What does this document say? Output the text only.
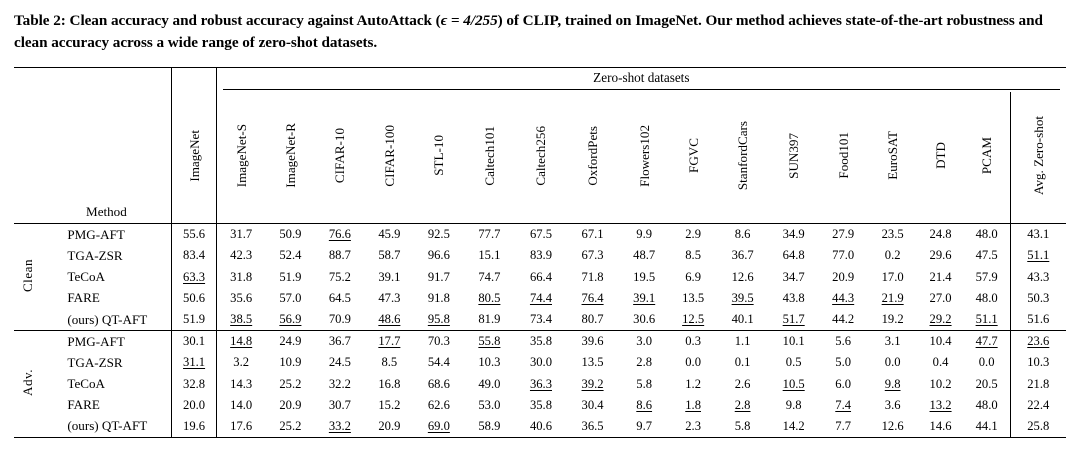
Table 2: Clean accuracy and robust accuracy against AutoAttack (ϵ = 4/255) of CLIP, trained on ImageNet. Our method achieves state-of-the-art robustness and clean accuracy across a wide range of zero-shot datasets.

			Zero-shot datasets																

	Method	ImageNet	ImageNet-S	ImageNet-R	CIFAR-10	CIFAR-100	STL-10	Caltech101	Caltech256	OxfordPets	Flowers102	FGVC	StanfordCars	SUN397	Food101	EuroSAT	DTD	PCAM	Avg. Zero-shot

Clean	PMG-AFT	55.6	31.7	50.9	76.6	45.9	92.5	77.7	67.5	67.1	9.9	2.9	8.6	34.9	27.9	23.5	24.8	48.0	43.1
	TGA-ZSR	83.4	42.3	52.4	88.7	58.7	96.6	15.1	83.9	67.3	48.7	8.5	36.7	64.8	77.0	0.2	29.6	47.5	51.1
	TeCoA	63.3	31.8	51.9	75.2	39.1	91.7	74.7	66.4	71.8	19.5	6.9	12.6	34.7	20.9	17.0	21.4	57.9	43.3
	FARE	50.6	35.6	57.0	64.5	47.3	91.8	80.5	74.4	76.4	39.1	13.5	39.5	43.8	44.3	21.9	27.0	48.0	50.3
	(ours) QT-AFT	51.9	38.5	56.9	70.9	48.6	95.8	81.9	73.4	80.7	30.6	12.5	40.1	51.7	44.2	19.2	29.2	51.1	51.6

Adv.	PMG-AFT	30.1	14.8	24.9	36.7	17.7	70.3	55.8	35.8	39.6	3.0	0.3	1.1	10.1	5.6	3.1	10.4	47.7	23.6
	TGA-ZSR	31.1	3.2	10.9	24.5	8.5	54.4	10.3	30.0	13.5	2.8	0.0	0.1	0.5	5.0	0.0	0.4	0.0	10.3
	TeCoA	32.8	14.3	25.2	32.2	16.8	68.6	49.0	36.3	39.2	5.8	1.2	2.6	10.5	6.0	9.8	10.2	20.5	21.8
	FARE	20.0	14.0	20.9	30.7	15.2	62.6	53.0	35.8	30.4	8.6	1.8	2.8	9.8	7.4	3.6	13.2	48.0	22.4
	(ours) QT-AFT	19.6	17.6	25.2	33.2	20.9	69.0	58.9	40.6	36.5	9.7	2.3	5.8	14.2	7.7	12.6	14.6	44.1	25.8
